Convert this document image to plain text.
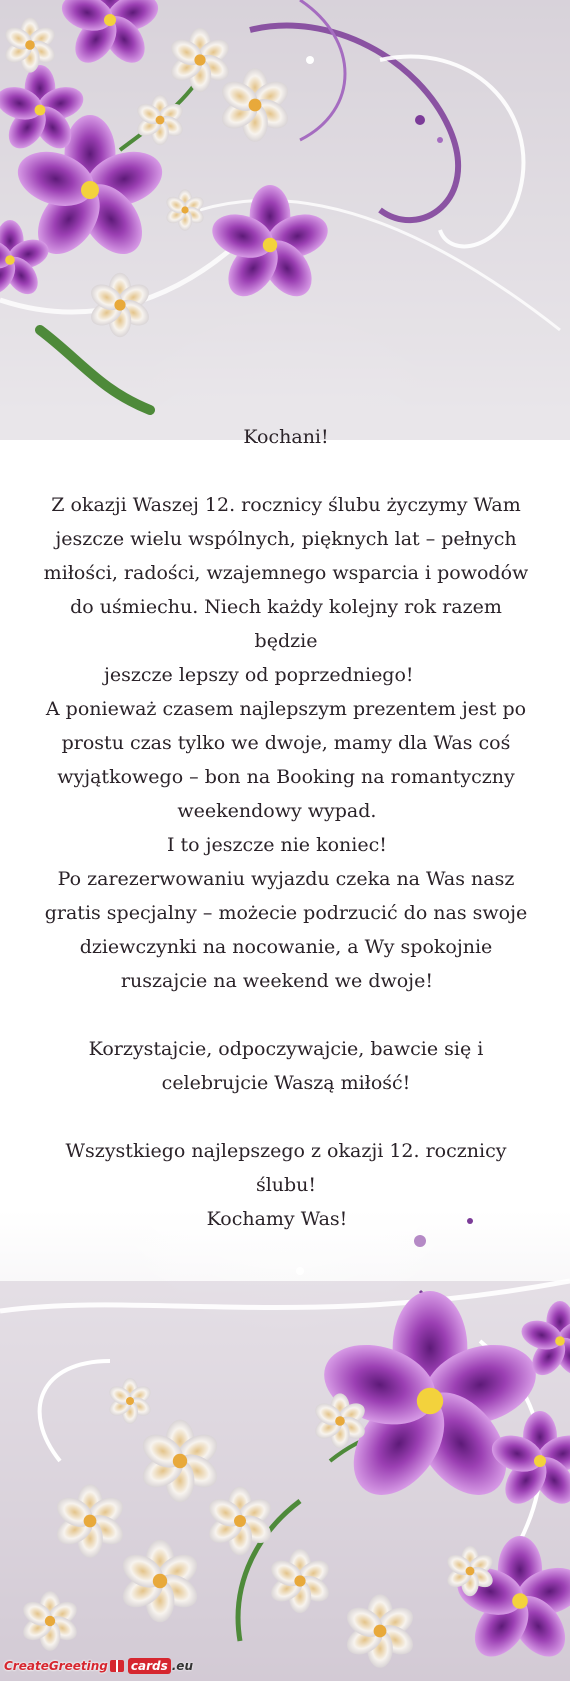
Kochani!

Z okazji Waszej 12. rocznicy ślubu życzymy Wam jeszcze wielu wspólnych, pięknych lat – pełnych miłości, radości, wzajemnego wsparcia i powodów do uśmiechu. Niech każdy kolejny rok razem będzie

jeszcze lepszy od poprzedniego!

A ponieważ czasem najlepszym prezentem jest po prostu czas tylko we dwoje, mamy dla Was coś wyjątkowego – bon na Booking na romantyczny weekendowy wypad.

I to jeszcze nie koniec!

Po zarezerwowaniu wyjazdu czeka na Was nasz gratis specjalny – możecie podrzucić do nas swoje dziewczynki na nocowanie, a Wy spokojnie ruszajcie na weekend we dwoje!

Korzystajcie, odpoczywajcie, bawcie się i celebrujcie Waszą miłość!

Wszystkiego najlepszego z okazji 12. rocznicy ślubu!

Kochamy Was!

CreateGreeting cards .eu
